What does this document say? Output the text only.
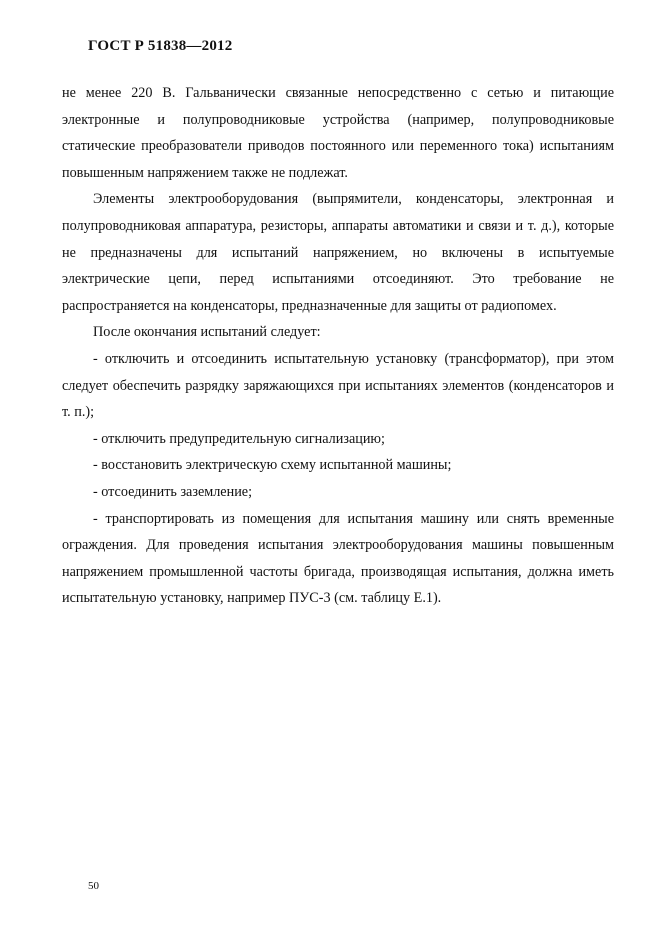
ГОСТ Р 51838—2012

не менее 220 В. Гальванически связанные непосредственно с сетью и питающие электронные и полупроводниковые устройства (например, полупроводниковые статические преобразователи приводов постоянного или переменного тока) испытаниям повышенным напряжением также не подлежат.

Элементы электрооборудования (выпрямители, конденсаторы, электронная и полупроводниковая аппаратура, резисторы, аппараты автоматики и связи и т. д.), которые не предназначены для испытаний напряжением, но включены в испытуемые электрические цепи, перед испытаниями отсоединяют. Это требование не распространяется на конденсаторы, предназначенные для защиты от радиопомех.

После окончания испытаний следует:

- отключить и отсоединить испытательную установку (трансформатор), при этом следует обеспечить разрядку заряжающихся при испытаниях элементов (конденсаторов и т. п.);

- отключить предупредительную сигнализацию;

- восстановить электрическую схему испытанной машины;

- отсоединить заземление;

- транспортировать из помещения для испытания машину или снять временные ограждения. Для проведения испытания электрооборудования машины повышенным напряжением промышленной частоты бригада, производящая испытания, должна иметь испытательную установку, например ПУС-3 (см. таблицу Е.1).

50
